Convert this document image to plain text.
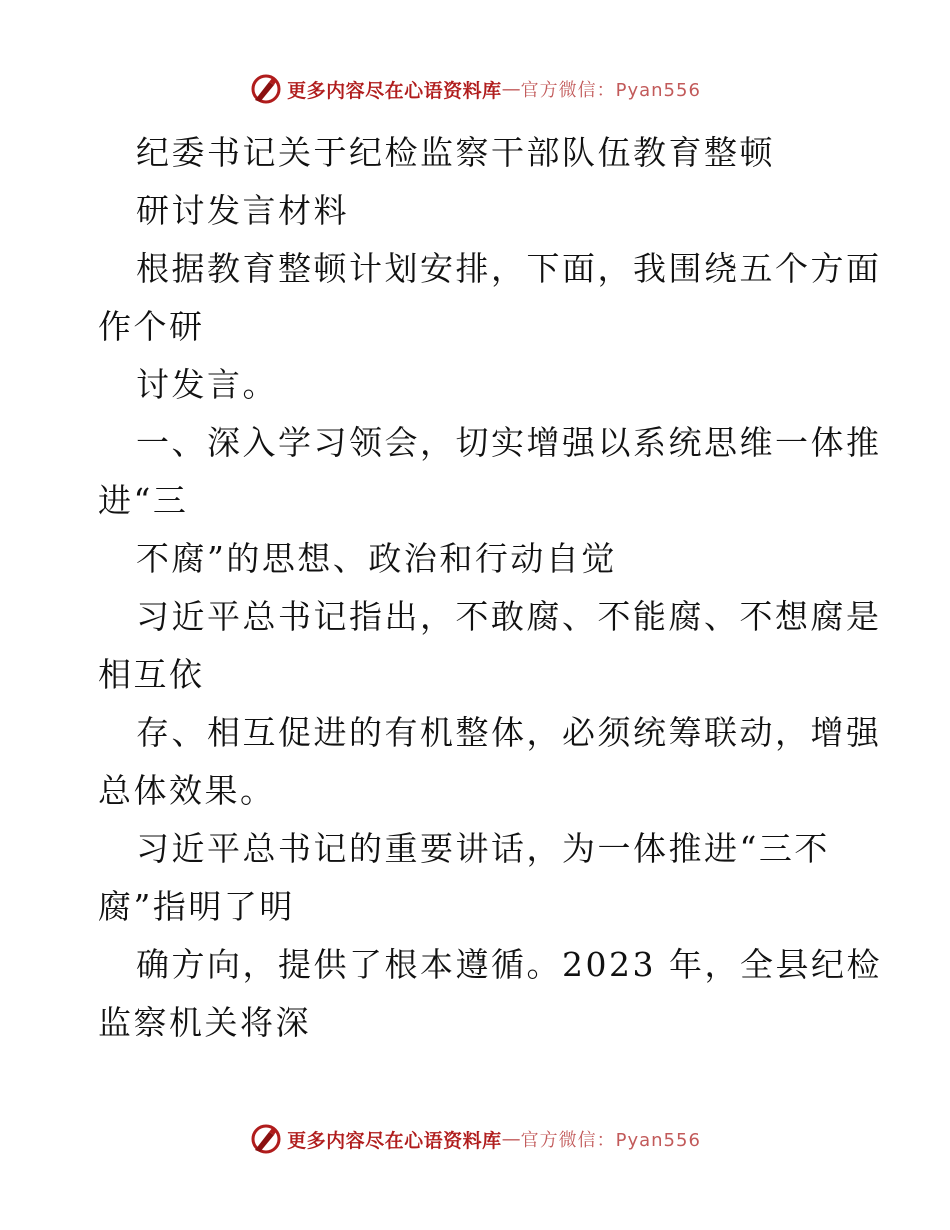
更多内容尽在心语资料库 — 官方微信：Pyan556
纪委书记关于纪检监察干部队伍教育整顿
研讨发言材料
根据教育整顿计划安排，下面，我围绕五个方面
作个研
讨发言。
一、深入学习领会，切实增强以系统思维一体推
进“三
不腐”的思想、政治和行动自觉
习近平总书记指出，不敢腐、不能腐、不想腐是
相互依
存、相互促进的有机整体，必须统筹联动，增强
总体效果。
习近平总书记的重要讲话，为一体推进“三不
腐”指明了明
确方向，提供了根本遵循。2023 年，全县纪检
监察机关将深
更多内容尽在心语资料库 — 官方微信：Pyan556
